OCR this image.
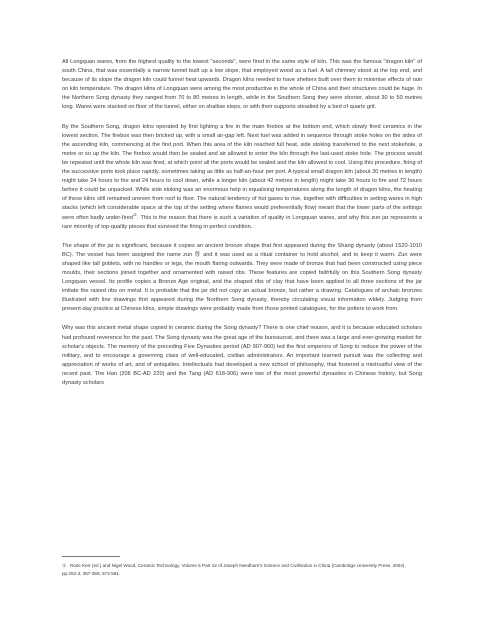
All Longquan wares, from the highest quality to the lowest "seconds", were fired in the same style of kiln. This was the famous "dragon kiln" of south China, that was essentially a narrow tunnel built up a low slope, that employed wood as a fuel. A tall chimney stood at the top end, and because of its slope the dragon kiln could funnel heat upwards. Dragon kilns needed to have shelters built over them to minimise effects of rain on kiln temperature. The dragon kilns of Longquan were among the most productive in the whole of China and their structures could be huge. In the Northern Song dynasty they ranged from 70 to 80 metres in length, while in the Southern Song they were shorter, about 30 to 50 metres long. Wares were stacked on floor of the tunnel, either on shallow steps, or with their supports steadied by a bed of quartz grit.

By the Southern Song, dragon kilns operated by first lighting a fire in the main firebox at the bottom end, which slowly fired ceramics in the lowest section. The firebox was then bricked up, with a small air-gap left. Next fuel was added in sequence through stoke holes on the sides of the ascending kiln, commencing at the first port. When this area of the kiln reached full heat, side stoking transferred to the next stokehole, a metre or so up the kiln. The firebox would then be sealed and air allowed to enter the kiln through the last-used stoke hole. The process would be repeated until the whole kiln was fired, at which point all the ports would be sealed and the kiln allowed to cool. Using this procedure, firing of the successive ports took place rapidly, sometimes taking as little as half-an-hour per port. A typical small dragon kiln (about 30 metres in length) might take 24 hours to fire and 24 hours to cool down, while a longer kiln (about 42 metres in length) might take 36 hours to fire and 72 hours before it could be unpacked. While side stoking was an enormous help in equalising temperatures along the length of dragon kilns, the heating of these kilns still remained uneven from roof to floor. The natural tendency of hot gases to rise, together with difficulties in setting wares in high stacks (which left considerable space at the top of the setting where flames would preferentially flow) meant that the lower parts of the settings were often badly under-fired①. This is the reason that there is such a variation of quality in Longquan wares, and why this zun jar represents a rare minority of top-quality pieces that survived the firing in perfect condition.

The shape of the jar is significant, because it copies an ancient bronze shape that first appeared during the Shang dynasty (about 1520-1010 BC). The vessel has been assigned the name zun 尊 and it was used as a ritual container to hold alcohol, and to keep it warm. Zun were shaped like tall goblets, with no handles or legs, the mouth flaring outwards. They were made of bronze that had been constructed using piece moulds, their sections joined together and ornamented with raised ribs. These features are copied faithfully on this Southern Song dynasty Longquan vessel. Its profile copies a Bronze Age original, and the shaped ribs of clay that have been applied to all three sections of the jar imitate the raised ribs on metal. It is probable that the jar did not copy an actual bronze, but rather a drawing. Catalogues of archaic bronzes illustrated with line drawings first appeared during the Northern Song dynasty, thereby circulating visual information widely. Judging from present-day practice at Chinese kilns, simple drawings were probably made from those printed catalogues, for the potters to work from.

Why was this ancient metal shape copied in ceramic during the Song dynasty? There is one chief reason, and it is because educated scholars had profound reverence for the past. The Song dynasty was the great age of the bureaucrat, and there was a large and ever-growing market for scholar's objects. The memory of the preceding Five Dynasties period (AD 907-960) led the first emperors of Song to reduce the power of the military, and to encourage a governing class of well-educated, civilian administrators. An important learned pursuit was the collecting and appreciation of works of art, and of antiquities. Intellectuals had developed a new school of philosophy, that fostered a mistrustful view of the recent past. The Han (206 BC-AD 220) and the Tang (AD 618-906) were two of the most powerful dynasties in Chinese history, but Song dynasty scholars

① Rose Kerr (ed.) and Nigel Wood, Ceramic Technology. Volume 5 Part 12 of Joseph Needham's Science and Civilisation in China (Cambridge University Press, 2004), pp.252-3, 357-359, 572-581.
